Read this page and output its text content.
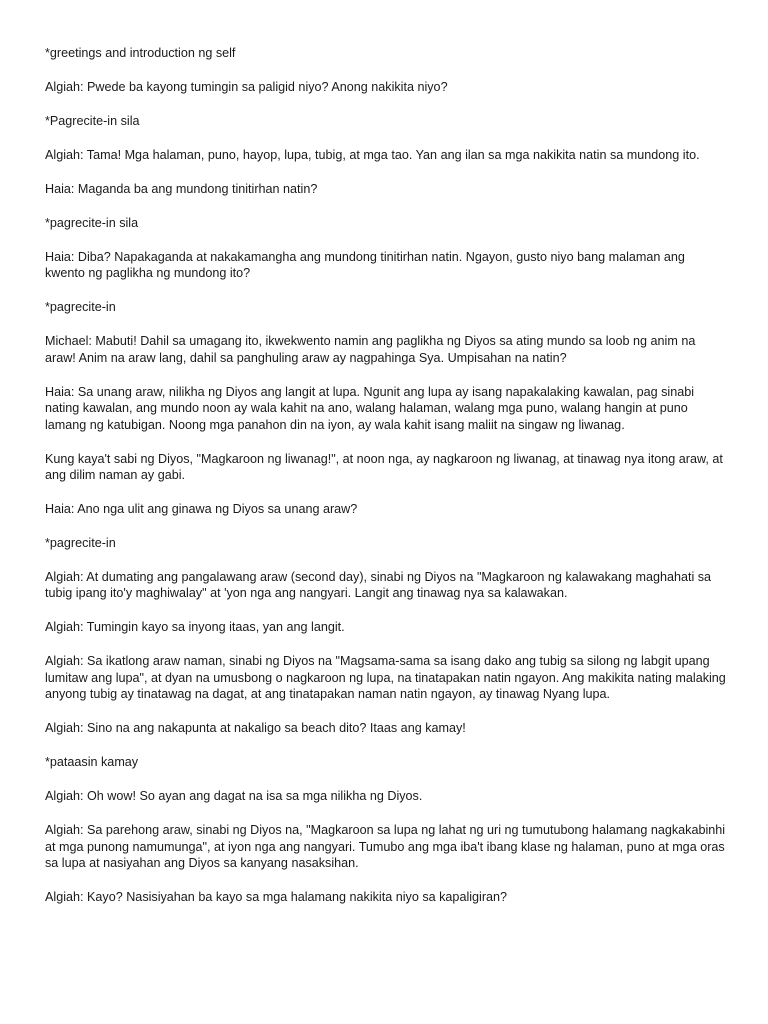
*greetings and introduction ng self

Algiah: Pwede ba kayong tumingin sa paligid niyo? Anong nakikita niyo?

*Pagrecite-in sila

Algiah: Tama! Mga halaman, puno, hayop, lupa, tubig, at mga tao. Yan ang ilan sa mga nakikita natin sa mundong ito.

Haia: Maganda ba ang mundong tinitirhan natin?

*pagrecite-in sila

Haia: Diba? Napakaganda at nakakamangha ang mundong tinitirhan natin. Ngayon, gusto niyo bang malaman ang kwento ng paglikha ng mundong ito?

*pagrecite-in

Michael: Mabuti! Dahil sa umagang ito, ikwekwento namin ang paglikha ng Diyos sa ating mundo sa loob ng anim na araw! Anim na araw lang, dahil sa panghuling araw ay nagpahinga Sya. Umpisahan na natin?

Haia: Sa unang araw, nilikha ng Diyos ang langit at lupa. Ngunit ang lupa ay isang napakalaking kawalan, pag sinabi nating kawalan, ang mundo noon ay wala kahit na ano, walang halaman, walang mga puno, walang hangin at puno lamang ng katubigan. Noong mga panahon din na iyon, ay wala kahit isang maliit na singaw ng liwanag.

Kung kaya't sabi ng Diyos, "Magkaroon ng liwanag!", at noon nga, ay nagkaroon ng liwanag, at tinawag nya itong araw, at ang dilim naman ay gabi.

Haia: Ano nga ulit ang ginawa ng Diyos sa unang araw?

*pagrecite-in

Algiah: At dumating ang pangalawang araw (second day), sinabi ng Diyos na "Magkaroon ng kalawakang maghahati sa tubig ipang ito'y maghiwalay" at 'yon nga ang nangyari. Langit ang tinawag nya sa kalawakan.

Algiah: Tumingin kayo sa inyong itaas, yan ang langit.

Algiah: Sa ikatlong araw naman, sinabi ng Diyos na "Magsama-sama sa isang dako ang tubig sa silong ng labgit upang lumitaw ang lupa", at dyan na umusbong o nagkaroon ng lupa, na tinatapakan natin ngayon. Ang makikita nating malaking anyong tubig ay tinatawag na dagat, at ang tinatapakan naman natin ngayon, ay tinawag Nyang lupa.

Algiah: Sino na ang nakapunta at nakaligo sa beach dito? Itaas ang kamay!

*pataasin kamay

Algiah: Oh wow! So ayan ang dagat na isa sa mga nilikha ng Diyos.

Algiah: Sa parehong araw, sinabi ng Diyos na, "Magkaroon sa lupa ng lahat ng uri ng tumutubong halamang nagkakabinhi at mga punong namumunga", at iyon nga ang nangyari. Tumubo ang mga iba't ibang klase ng halaman, puno at mga oras sa lupa at nasiyahan ang Diyos sa kanyang nasaksihan.

Algiah: Kayo? Nasisiyahan ba kayo sa mga halamang nakikita niyo sa kapaligiran?
